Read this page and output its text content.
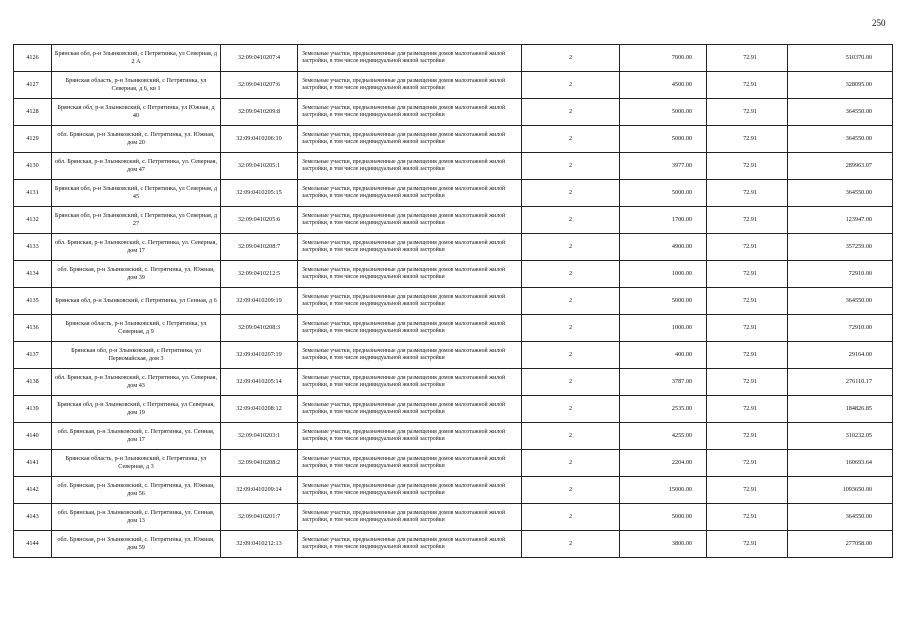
250
4126	Брянская обл, р-н Злынковский, с Петрятинка, ул Северная, д 2 А	32:09:0410207:4	Земельные участки, предназначенные для размещения домов малоэтажной жилой застройки, в том числе индивидуальной жилой застройки	2	7000.00	72.91	510370.00
4127	Брянская область, р-н Злынковский, с Петрятинка, ул Северная, д 6, кв 1	32:09:0410207:6	Земельные участки, предназначенные для размещения домов малоэтажной жилой застройки, в том числе индивидуальной жилой застройки	2	4500.00	72.91	328095.00
4128	Брянская обл, р-н Злынковский, с Петрятинка, ул Южная, д 40	32:09:0410209:8	Земельные участки, предназначенные для размещения домов малоэтажной жилой застройки, в том числе индивидуальной жилой застройки	2	5000.00	72.91	364550.00
4129	обл. Брянская, р-н Злынковский, с. Петрятинка, ул. Южная, дом 20	32:09:0410206:10	Земельные участки, предназначенные для размещения домов малоэтажной жилой застройки, в том числе индивидуальной жилой застройки	2	5000.00	72.91	364550.00
4130	обл. Брянская, р-н Злынковский, с. Петрятинка, ул. Северная, дом 47	32:09:0410205:1	Земельные участки, предназначенные для размещения домов малоэтажной жилой застройки, в том числе индивидуальной жилой застройки	2	3977.00	72.91	289963.07
4131	Брянская обл, р-н Злынковский, с Петрятинка, ул Северная, д 45	32:09:0410205:15	Земельные участки, предназначенные для размещения домов малоэтажной жилой застройки, в том числе индивидуальной жилой застройки	2	5000.00	72.91	364550.00
4132	Брянская обл, р-н Злынковский, с Петрятинка, ул Северная, д 27	32:09:0410205:6	Земельные участки, предназначенные для размещения домов малоэтажной жилой застройки, в том числе индивидуальной жилой застройки	2	1700.00	72.91	123947.00
4133	обл. Брянская, р-н Злынковский, с. Петрятинка, ул. Северная, дом 17	32:09:0410208:7	Земельные участки, предназначенные для размещения домов малоэтажной жилой застройки, в том числе индивидуальной жилой застройки	2	4900.00	72.91	357259.00
4134	обл. Брянская, р-н Злынковский, с. Петрятинка, ул. Южная, дом 39	32:09:0410212:5	Земельные участки, предназначенные для размещения домов малоэтажной жилой застройки, в том числе индивидуальной жилой застройки	2	1000.00	72.91	72910.00
4135	Брянская обл, р-н Злынковский, с Петрятинка, ул Сенная, д 6	32:09:0410209:19	Земельные участки, предназначенные для размещения домов малоэтажной жилой застройки, в том числе индивидуальной жилой застройки	2	5000.00	72.91	364550.00
4136	Брянская область, р-н Злынковский, с Петрятинка, ул Северная, д 9	32:09:0410208:3	Земельные участки, предназначенные для размещения домов малоэтажной жилой застройки, в том числе индивидуальной жилой застройки	2	1000.00	72.91	72910.00
4137	Брянская обл, р-н Злынковский, с Петрятинка, ул Первомайская, дом 3	32:09:0410207:19	Земельные участки, предназначенные для размещения домов малоэтажной жилой застройки, в том числе индивидуальной жилой застройки	2	400.00	72.91	29164.00
4138	обл. Брянская, р-н Злынковский, с. Петрятинка, ул. Северная, дом 43	32:09:0410205:14	Земельные участки, предназначенные для размещения домов малоэтажной жилой застройки, в том числе индивидуальной жилой застройки	2	3787.00	72.91	276110.17
4139	Брянская обл, р-н Злынковский, с Петрятинка, ул Северная, дом 19	32:09:0410208:12	Земельные участки, предназначенные для размещения домов малоэтажной жилой застройки, в том числе индивидуальной жилой застройки	2	2535.00	72.91	184826.85
4140	обл. Брянская, р-н Злынковский, с. Петрятинка, ул. Сенная, дом 17	32:09:0410203:1	Земельные участки, предназначенные для размещения домов малоэтажной жилой застройки, в том числе индивидуальной жилой застройки	2	4255.00	72.91	310232.05
4141	Брянская область, р-н Злынковский, с Петрятинка, ул Северная, д 3	32:09:0410208:2	Земельные участки, предназначенные для размещения домов малоэтажной жилой застройки, в том числе индивидуальной жилой застройки	2	2204.00	72.91	160693.64
4142	обл. Брянская, р-н Злынковский, с. Петрятинка, ул. Южная, дом 56	32:09:0410209:14	Земельные участки, предназначенные для размещения домов малоэтажной жилой застройки, в том числе индивидуальной жилой застройки	2	15000.00	72.91	1093650.00
4143	обл. Брянская, р-н Злынковский, с. Петрятинка, ул. Сенная, дом 13	32:09:0410201:7	Земельные участки, предназначенные для размещения домов малоэтажной жилой застройки, в том числе индивидуальной жилой застройки	2	5000.00	72.91	364550.00
4144	обл. Брянская, р-н Злынковский, с. Петрятинка, ул. Южная, дом 59	32:09:0410212:13	Земельные участки, предназначенные для размещения домов малоэтажной жилой застройки, в том числе индивидуальной жилой застройки	2	3800.00	72.91	277058.00
